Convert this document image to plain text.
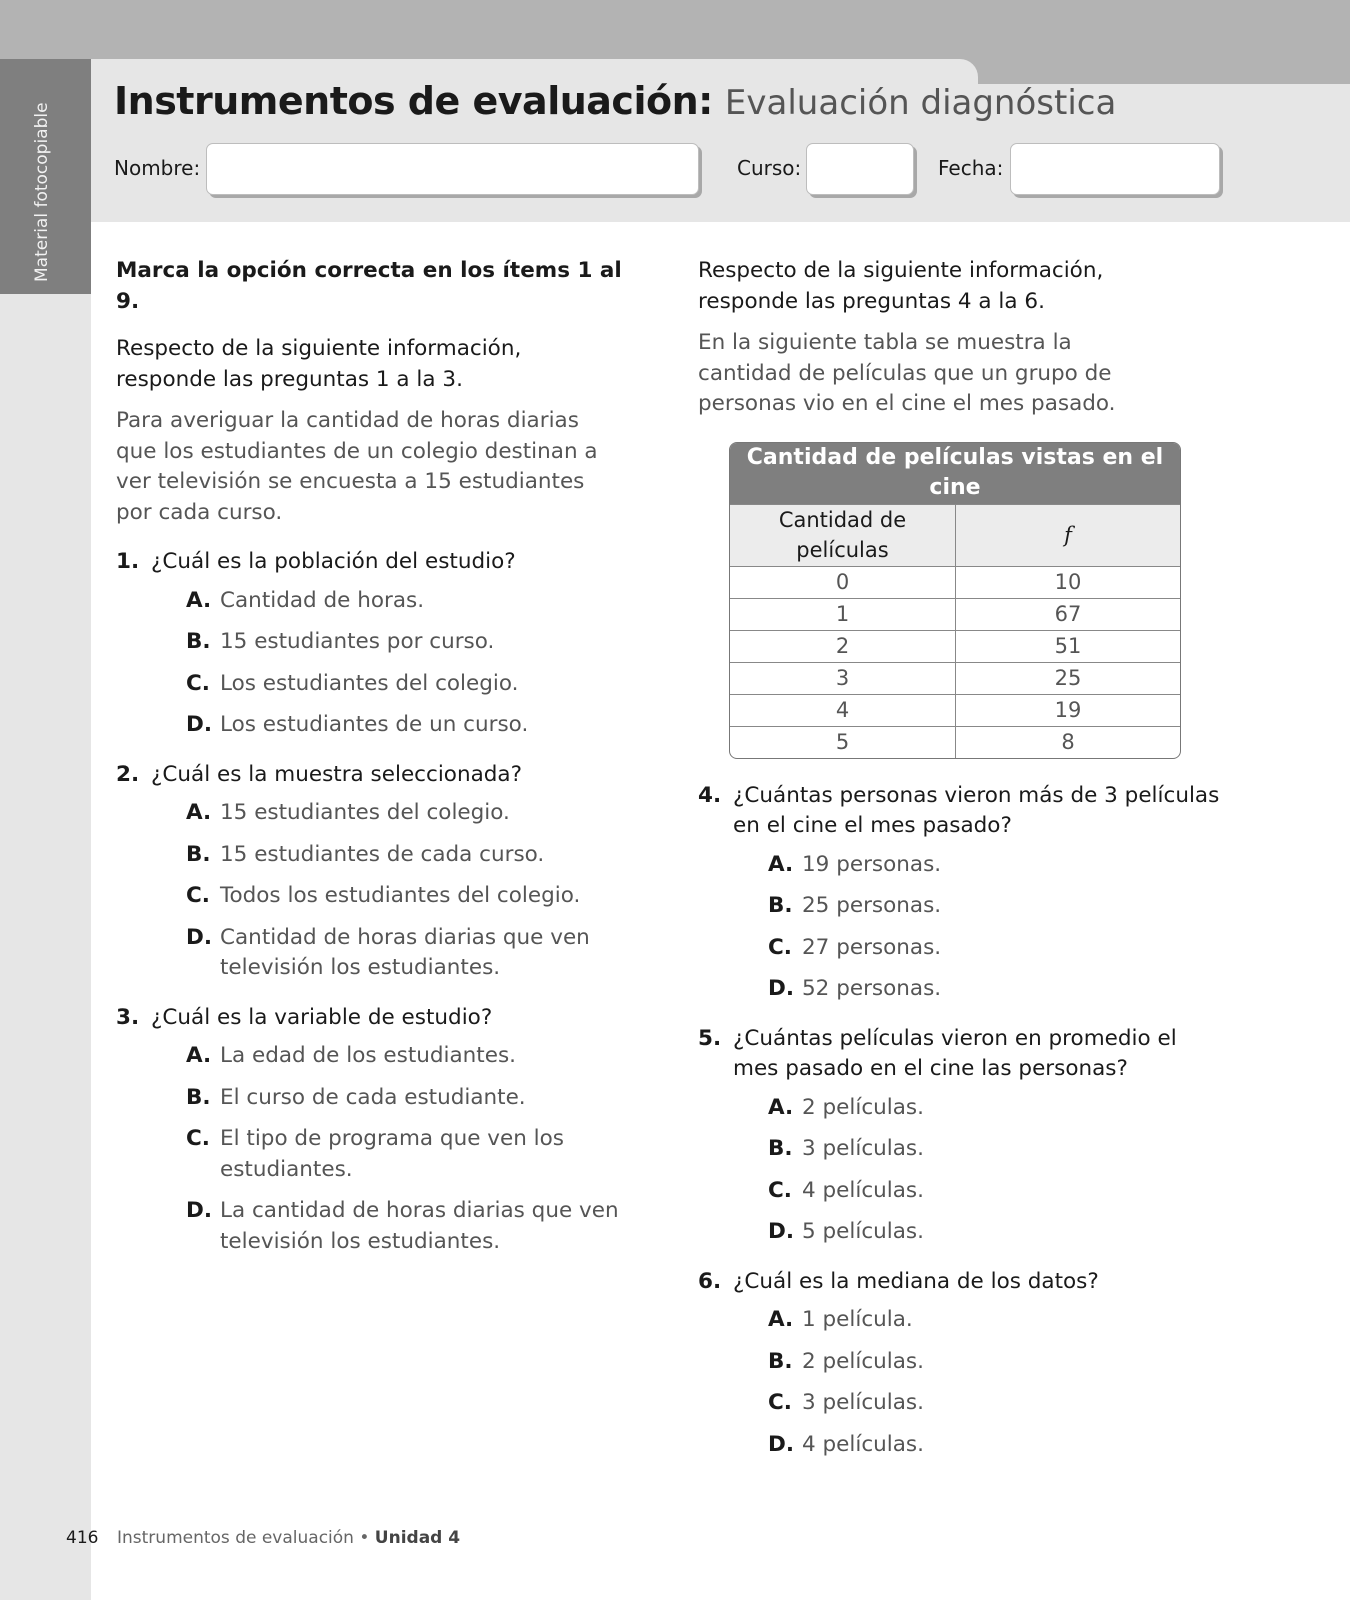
Material fotocopiable
Instrumentos de evaluación: Evaluación diagnóstica
Nombre:	Curso:	Fecha:

Marca la opción correcta en los ítems 1 al 9.

Respecto de la siguiente información, responde las preguntas 1 a la 3.

Para averiguar la cantidad de horas diarias que los estudiantes de un colegio destinan a ver televisión se encuesta a 15 estudiantes por cada curso.

1. ¿Cuál es la población del estudio?

A. Cantidad de horas.
B. 15 estudiantes por curso.
C. Los estudiantes del colegio.
D. Los estudiantes de un curso.

2. ¿Cuál es la muestra seleccionada?

A. 15 estudiantes del colegio.
B. 15 estudiantes de cada curso.
C. Todos los estudiantes del colegio.
D. Cantidad de horas diarias que ven televisión los estudiantes.

3. ¿Cuál es la variable de estudio?

A. La edad de los estudiantes.
B. El curso de cada estudiante.
C. El tipo de programa que ven los estudiantes.
D. La cantidad de horas diarias que ven televisión los estudiantes.

Respecto de la siguiente información, responde las preguntas 4 a la 6.

En la siguiente tabla se muestra la cantidad de películas que un grupo de personas vio en el cine el mes pasado.

Cantidad de películas vistas en el cine	
Cantidad de películas	f
0	10
1	67
2	51
3	25
4	19
5	8

4. ¿Cuántas personas vieron más de 3 películas en el cine el mes pasado?

A. 19 personas.
B. 25 personas.
C. 27 personas.
D. 52 personas.

5. ¿Cuántas películas vieron en promedio el mes pasado en el cine las personas?

A. 2 películas.
B. 3 películas.
C. 4 películas.
D. 5 películas.

6. ¿Cuál es la mediana de los datos?

A. 1 película.
B. 2 películas.
C. 3 películas.
D. 4 películas.
416 Instrumentos de evaluación • Unidad 4
